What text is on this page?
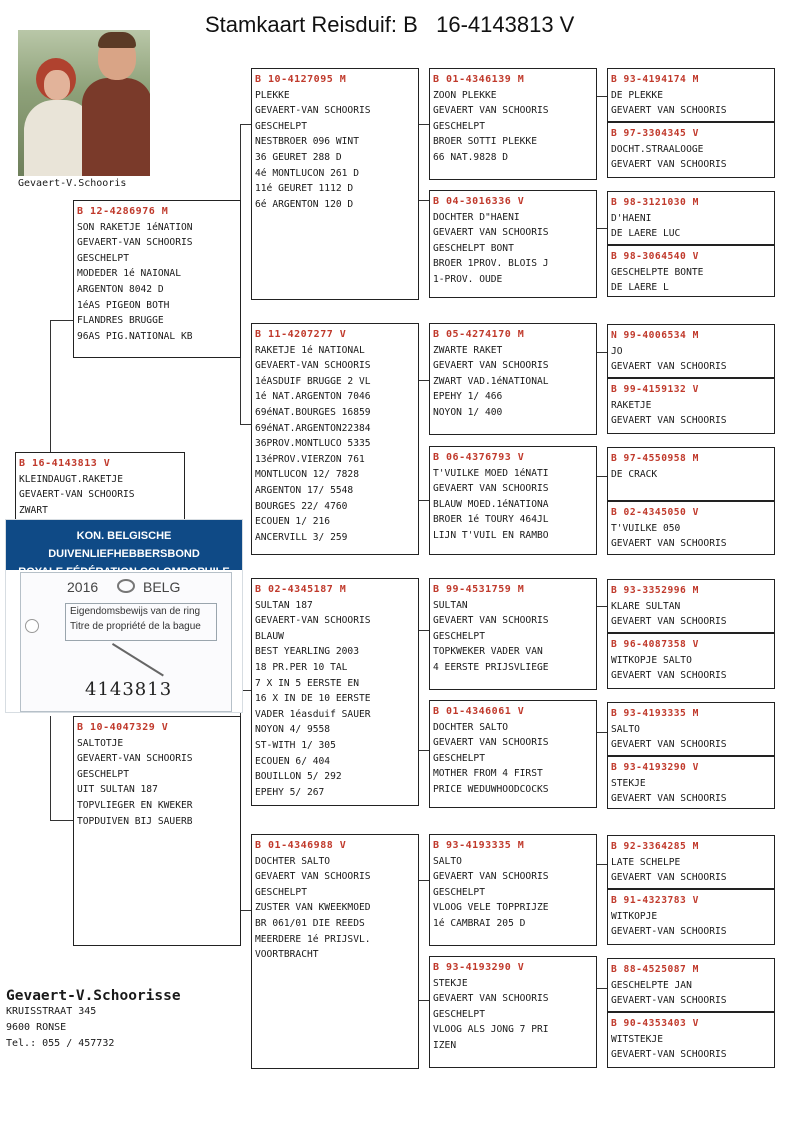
Stamkaart Reisduif: B 16-4143813 V
Gevaert-V.Schooris
B 16-4143813 V
KLEINDAUGT.RAKETJE
GEVAERT-VAN SCHOORIS
ZWART
B 12-4286976 M
SON RAKETJE 1éNATION
GEVAERT-VAN SCHOORIS
GESCHELPT
MODEDER 1é NAIONAL
ARGENTON 8042 D
1éAS PIGEON BOTH
FLANDRES BRUGGE
96AS PIG.NATIONAL KB
B 10-4047329 V
SALTOTJE
GEVAERT-VAN SCHOORIS
GESCHELPT
UIT SULTAN 187
TOPVLIEGER EN KWEKER
TOPDUIVEN BIJ SAUERB
B 10-4127095 M
PLEKKE
GEVAERT-VAN SCHOORIS
GESCHELPT
NESTBROER 096 WINT
36 GEURET 288 D
4é MONTLUCON 261 D
11é GEURET 1112 D
6é ARGENTON 120 D
B 11-4207277 V
RAKETJE 1é NATIONAL
GEVAERT-VAN SCHOORIS
1éASDUIF BRUGGE 2 VL
1é NAT.ARGENTON 7046
69éNAT.BOURGES 16859
69éNAT.ARGENTON22384
36PROV.MONTLUCO 5335
13éPROV.VIERZON 761
MONTLUCON 12/ 7828
ARGENTON 17/ 5548
BOURGES 22/ 4760
ECOUEN 1/ 216
ANCERVILL 3/ 259
B 02-4345187 M
SULTAN 187
GEVAERT-VAN SCHOORIS
BLAUW
BEST YEARLING 2003
18 PR.PER 10 TAL
7 X IN 5 EERSTE EN
16 X IN DE 10 EERSTE
VADER 1éasduif SAUER
NOYON 4/ 9558
ST-WITH 1/ 305
ECOUEN 6/ 404
BOUILLON 5/ 292
EPEHY 5/ 267
B 01-4346988 V
DOCHTER SALTO
GEVAERT VAN SCHOORIS
GESCHELPT
ZUSTER VAN KWEEKMOED
BR 061/01 DIE REEDS
MEERDERE 1é PRIJSVL.
VOORTBRACHT
B 01-4346139 M
ZOON PLEKKE
GEVAERT VAN SCHOORIS
GESCHELPT
BROER SOTTI PLEKKE
66 NAT.9828 D
B 04-3016336 V
DOCHTER D"HAENI
GEVAERT VAN SCHOORIS
GESCHELPT BONT
BROER 1PROV. BLOIS J
1-PROV. OUDE
B 05-4274170 M
ZWARTE RAKET
GEVAERT VAN SCHOORIS
ZWART VAD.1éNATIONAL
EPEHY 1/ 466
NOYON 1/ 400
B 06-4376793 V
T'VUILKE MOED 1éNATI
GEVAERT VAN SCHOORIS
BLAUW MOED.1éNATIONA
BROER 1é TOURY 464JL
LIJN T'VUIL EN RAMBO
B 99-4531759 M
SULTAN
GEVAERT VAN SCHOORIS
GESCHELPT
TOPKWEKER VADER VAN
4 EERSTE PRIJSVLIEGE
B 01-4346061 V
DOCHTER SALTO
GEVAERT VAN SCHOORIS
GESCHELPT
MOTHER FROM 4 FIRST
PRICE WEDUWHOODCOCKS
B 93-4193335 M
SALTO
GEVAERT VAN SCHOORIS
GESCHELPT
VLOOG VELE TOPPRIJZE
1é CAMBRAI 205 D
B 93-4193290 V
STEKJE
GEVAERT VAN SCHOORIS
GESCHELPT
VLOOG ALS JONG 7 PRI
IZEN
B 93-4194174 M
DE PLEKKE
GEVAERT VAN SCHOORIS
B 97-3304345 V
DOCHT.STRAALOOGE
GEVAERT VAN SCHOORIS
B 98-3121030 M
D'HAENI
DE LAERE LUC
B 98-3064540 V
GESCHELPTE BONTE
DE LAERE L
N 99-4006534 M
JO
GEVAERT VAN SCHOORIS
B 99-4159132 V
RAKETJE
GEVAERT VAN SCHOORIS
B 97-4550958 M
DE CRACK
B 02-4345050 V
T'VUILKE 050
GEVAERT VAN SCHOORIS
B 93-3352996 M
KLARE SULTAN
GEVAERT VAN SCHOORIS
B 96-4087358 V
WITKOPJE SALTO
GEVAERT VAN SCHOORIS
B 93-4193335 M
SALTO
GEVAERT VAN SCHOORIS
B 93-4193290 V
STEKJE
GEVAERT VAN SCHOORIS
B 92-3364285 M
LATE SCHELPE
GEVAERT VAN SCHOORIS
B 91-4323783 V
WITKOPJE
GEVAERT-VAN SCHOORIS
B 88-4525087 M
GESCHELPTE JAN
GEVAERT-VAN SCHOORIS
B 90-4353403 V
WITSTEKJE
GEVAERT-VAN SCHOORIS
KON. BELGISCHE DUIVENLIEFHEBBERSBOND
2016	BELG
Eigendomsbewijs van de ring
Titre de propriété de la bague
4143813
Gevaert-V.Schoorisse
KRUISSTRAAT 345
9600 RONSE
Tel.: 055 / 457732
